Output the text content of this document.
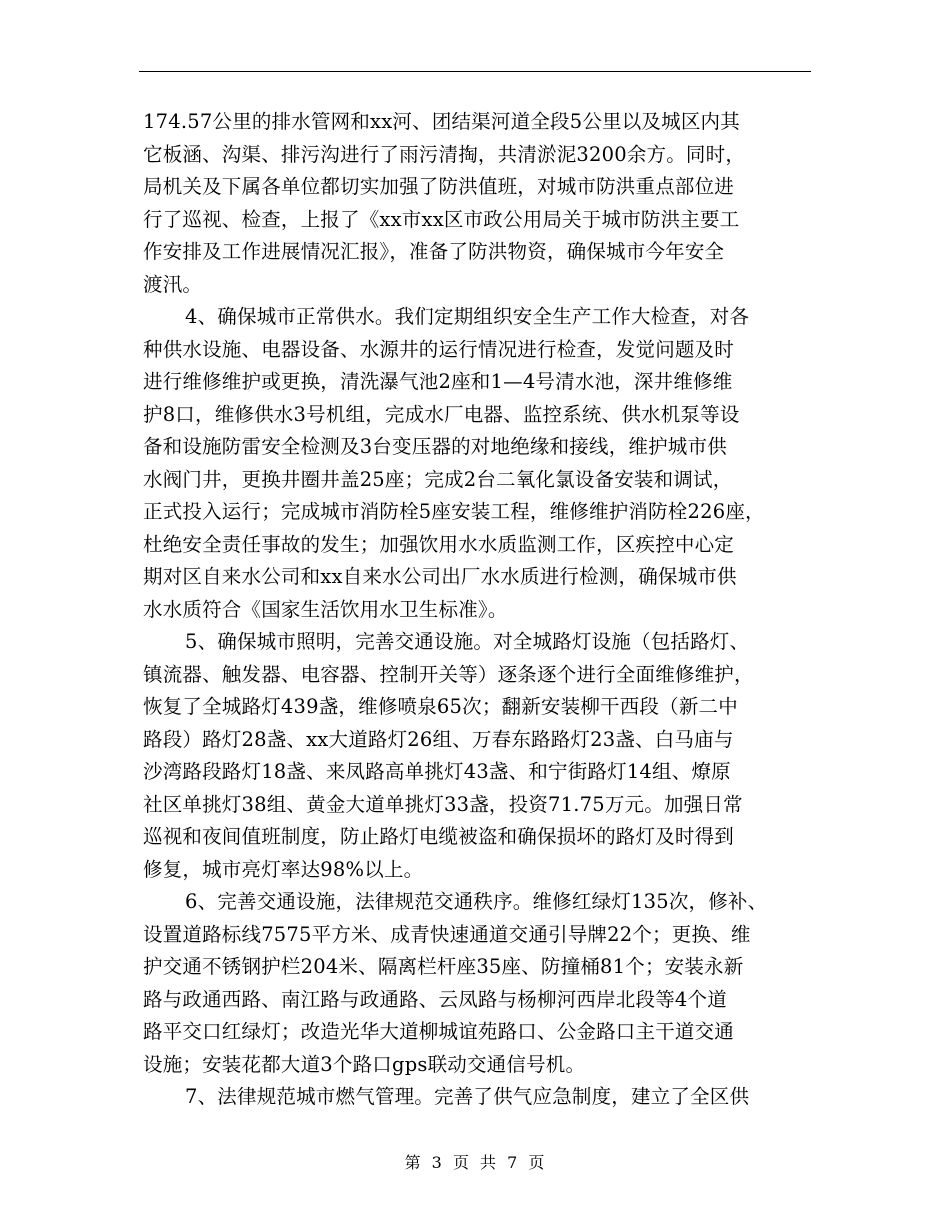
174.57公里的排水管网和xx河、团结渠河道全段5公里以及城区内其
它板涵、沟渠、排污沟进行了雨污清掏，共清淤泥3200余方。同时，
局机关及下属各单位都切实加强了防洪值班，对城市防洪重点部位进
行了巡视、检查，上报了《xx市xx区市政公用局关于城市防洪主要工
作安排及工作进展情况汇报》，准备了防洪物资，确保城市今年安全
渡汛。
4、确保城市正常供水。我们定期组织安全生产工作大检查，对各
种供水设施、电器设备、水源井的运行情况进行检查，发觉问题及时
进行维修维护或更换，清洗瀑气池2座和1—4号清水池，深井维修维
护8口，维修供水3号机组，完成水厂电器、监控系统、供水机泵等设
备和设施防雷安全检测及3台变压器的对地绝缘和接线，维护城市供
水阀门井，更换井圈井盖25座；完成2台二氧化氯设备安装和调试，
正式投入运行；完成城市消防栓5座安装工程，维修维护消防栓226座，
杜绝安全责任事故的发生；加强饮用水水质监测工作，区疾控中心定
期对区自来水公司和xx自来水公司出厂水水质进行检测，确保城市供
水水质符合《国家生活饮用水卫生标准》。
5、确保城市照明，完善交通设施。对全城路灯设施（包括路灯、
镇流器、触发器、电容器、控制开关等）逐条逐个进行全面维修维护，
恢复了全城路灯439盏，维修喷泉65次；翻新安装柳干西段（新二中
路段）路灯28盏、xx大道路灯26组、万春东路路灯23盏、白马庙与
沙湾路段路灯18盏、来凤路高单挑灯43盏、和宁街路灯14组、燎原
社区单挑灯38组、黄金大道单挑灯33盏，投资71.75万元。加强日常
巡视和夜间值班制度，防止路灯电缆被盗和确保损坏的路灯及时得到
修复，城市亮灯率达98%以上。
6、完善交通设施，法律规范交通秩序。维修红绿灯135次，修补、
设置道路标线7575平方米、成青快速通道交通引导牌22个；更换、维
护交通不锈钢护栏204米、隔离栏杆座35座、防撞桶81个；安装永新
路与政通西路、南江路与政通路、云凤路与杨柳河西岸北段等4个道
路平交口红绿灯；改造光华大道柳城谊苑路口、公金路口主干道交通
设施；安装花都大道3个路口gps联动交通信号机。
7、法律规范城市燃气管理。完善了供气应急制度，建立了全区供
第 3 页 共 7 页
